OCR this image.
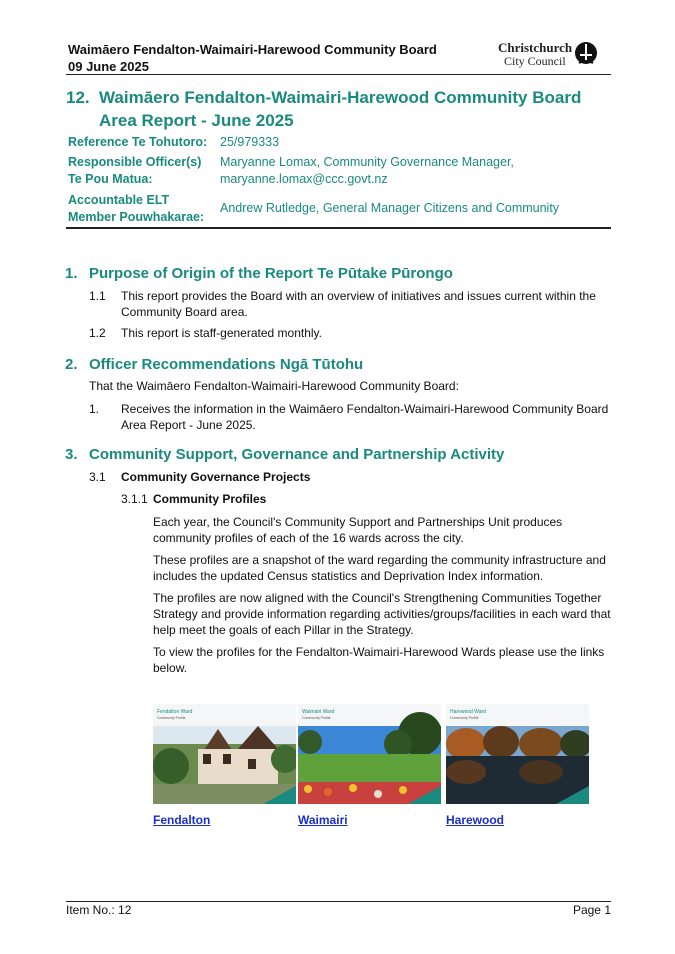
Waimāero Fendalton-Waimairi-Harewood Community Board
09 June 2025
Christchurch
City Council
12. Waimāero Fendalton-Waimairi-Harewood Community Board Area Report - June 2025
Reference Te Tohutoro: 25/979333
Responsible Officer(s) Te Pou Matua:
Maryanne Lomax, Community Governance Manager, maryanne.lomax@ccc.govt.nz
Accountable ELT Member Pouwhakarae:
Andrew Rutledge, General Manager Citizens and Community
1. Purpose of Origin of the Report Te Pūtake Pūrongo
1.1 This report provides the Board with an overview of initiatives and issues current within the Community Board area.
1.2 This report is staff-generated monthly.
2. Officer Recommendations Ngā Tūtohu
That the Waimāero Fendalton-Waimairi-Harewood Community Board:
1. Receives the information in the Waimāero Fendalton-Waimairi-Harewood Community Board Area Report - June 2025.
3. Community Support, Governance and Partnership Activity
3.1 Community Governance Projects
3.1.1 Community Profiles
Each year, the Council's Community Support and Partnerships Unit produces community profiles of each of the 16 wards across the city.
These profiles are a snapshot of the ward regarding the community infrastructure and includes the updated Census statistics and Deprivation Index information.
The profiles are now aligned with the Council's Strengthening Communities Together Strategy and provide information regarding activities/groups/facilities in each ward that help meet the goals of each Pillar in the Strategy.
To view the profiles for the Fendalton-Waimairi-Harewood Wards please use the links below.
Fendalton Ward
Community Profile
Waimairi Ward
Community Profile
Harewood Ward
Community Profile
Fendalton	Waimairi	Harewood
Item No.: 12	Page 1
